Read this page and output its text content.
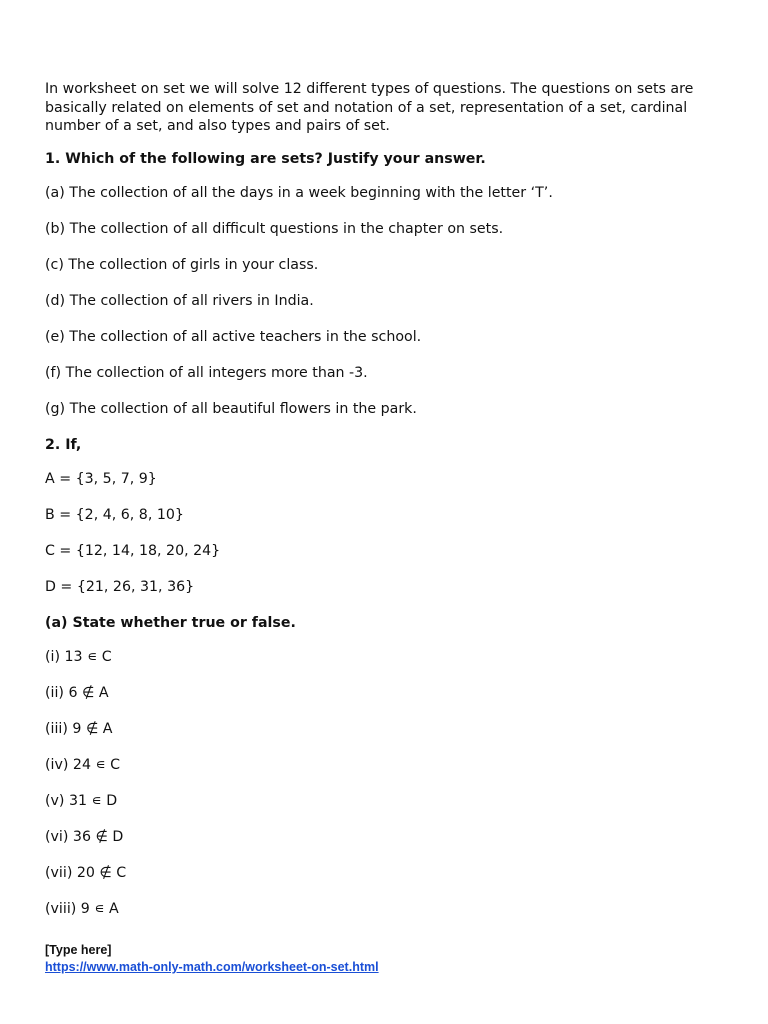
In worksheet on set we will solve 12 different types of questions. The questions on sets are basically related on elements of set and notation of a set, representation of a set, cardinal number of a set, and also types and pairs of set.

1. Which of the following are sets? Justify your answer.
(a) The collection of all the days in a week beginning with the letter ‘T’.
(b) The collection of all difficult questions in the chapter on sets.
(c) The collection of girls in your class.
(d) The collection of all rivers in India.
(e) The collection of all active teachers in the school.
(f) The collection of all integers more than -3.
(g) The collection of all beautiful flowers in the park.
2. If,
A = {3, 5, 7, 9}
B = {2, 4, 6, 8, 10}
C = {12, 14, 18, 20, 24}
D = {21, 26, 31, 36}
(a) State whether true or false.
(i) 13 ∊ C
(ii) 6 ∉ A
(iii) 9 ∉ A
(iv) 24 ∊ C
(v) 31 ∊ D
(vi) 36 ∉ D
(vii) 20 ∉ C
(viii) 9 ∊ A
[Type here]
https://www.math-only-math.com/worksheet-on-set.html
